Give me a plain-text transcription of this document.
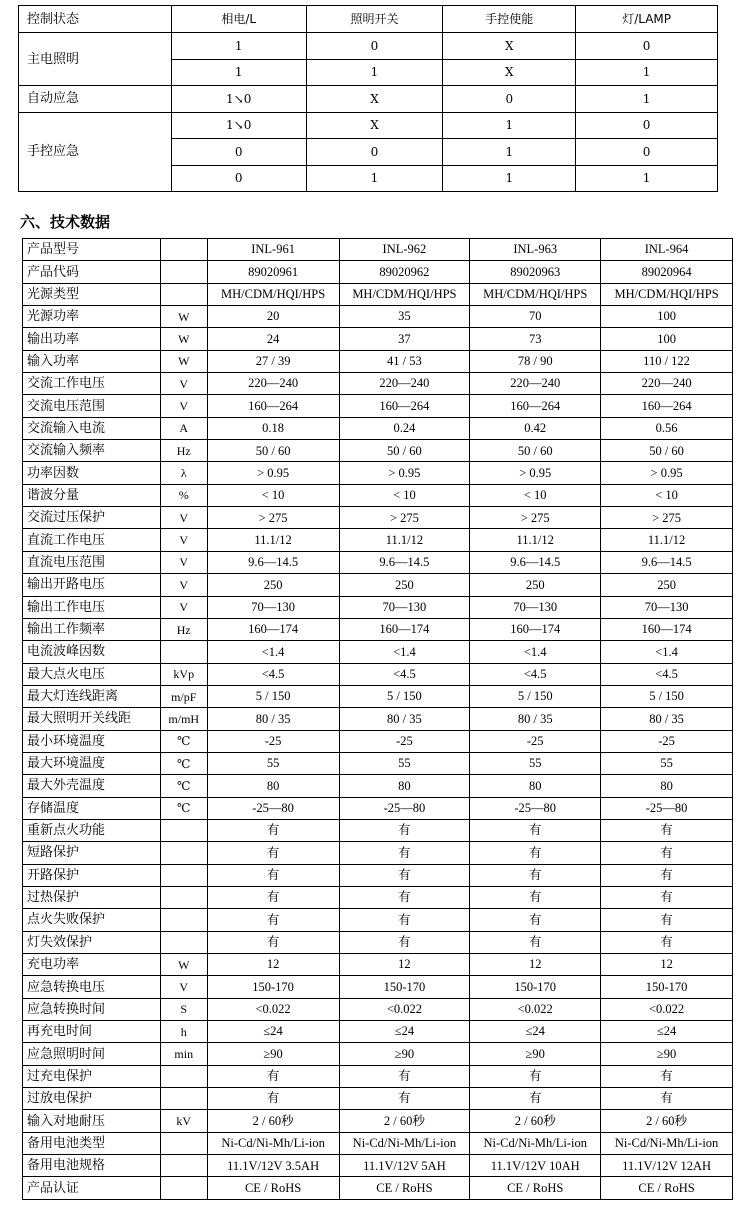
控制状态	相电/L	照明开关	手控使能	灯/LAMP
主电照明	1	0	X	0
	1	1	X	1
自动应急	1↘0	X	0	1
手控应急	1↘0	X	1	0
	0	0	1	0
	0	1	1	1
六、技术数据
产品型号		INL-961	INL-962	INL-963	INL-964
产品代码		89020961	89020962	89020963	89020964
光源类型		MH/CDM/HQI/HPS	MH/CDM/HQI/HPS	MH/CDM/HQI/HPS	MH/CDM/HQI/HPS
光源功率	W	20	35	70	100
输出功率	W	24	37	73	100
输入功率	W	27 / 39	41 / 53	78 / 90	110 / 122
交流工作电压	V	220—240	220—240	220—240	220—240
交流电压范围	V	160—264	160—264	160—264	160—264
交流输入电流	A	0.18	0.24	0.42	0.56
交流输入频率	Hz	50 / 60	50 / 60	50 / 60	50 / 60
功率因数	λ	> 0.95	> 0.95	> 0.95	> 0.95
谐波分量	%	< 10	< 10	< 10	< 10
交流过压保护	V	> 275	> 275	> 275	> 275
直流工作电压	V	11.1/12	11.1/12	11.1/12	11.1/12
直流电压范围	V	9.6—14.5	9.6—14.5	9.6—14.5	9.6—14.5
输出开路电压	V	250	250	250	250
输出工作电压	V	70—130	70—130	70—130	70—130
输出工作频率	Hz	160—174	160—174	160—174	160—174
电流波峰因数		<1.4	<1.4	<1.4	<1.4
最大点火电压	kVp	<4.5	<4.5	<4.5	<4.5
最大灯连线距离	m/pF	5 / 150	5 / 150	5 / 150	5 / 150
最大照明开关线距	m/mH	80 / 35	80 / 35	80 / 35	80 / 35
最小环境温度	℃	-25	-25	-25	-25
最大环境温度	℃	55	55	55	55
最大外壳温度	℃	80	80	80	80
存储温度	℃	-25—80	-25—80	-25—80	-25—80
重新点火功能		有	有	有	有
短路保护		有	有	有	有
开路保护		有	有	有	有
过热保护		有	有	有	有
点火失败保护		有	有	有	有
灯失效保护		有	有	有	有
充电功率	W	12	12	12	12
应急转换电压	V	150-170	150-170	150-170	150-170
应急转换时间	S	<0.022	<0.022	<0.022	<0.022
再充电时间	h	≤24	≤24	≤24	≤24
应急照明时间	min	≥90	≥90	≥90	≥90
过充电保护		有	有	有	有
过放电保护		有	有	有	有
输入对地耐压	kV	2 / 60秒	2 / 60秒	2 / 60秒	2 / 60秒
备用电池类型		Ni-Cd/Ni-Mh/Li-ion	Ni-Cd/Ni-Mh/Li-ion	Ni-Cd/Ni-Mh/Li-ion	Ni-Cd/Ni-Mh/Li-ion
备用电池规格		11.1V/12V 3.5AH	11.1V/12V 5AH	11.1V/12V 10AH	11.1V/12V 12AH
产品认证		CE / RoHS	CE / RoHS	CE / RoHS	CE / RoHS
